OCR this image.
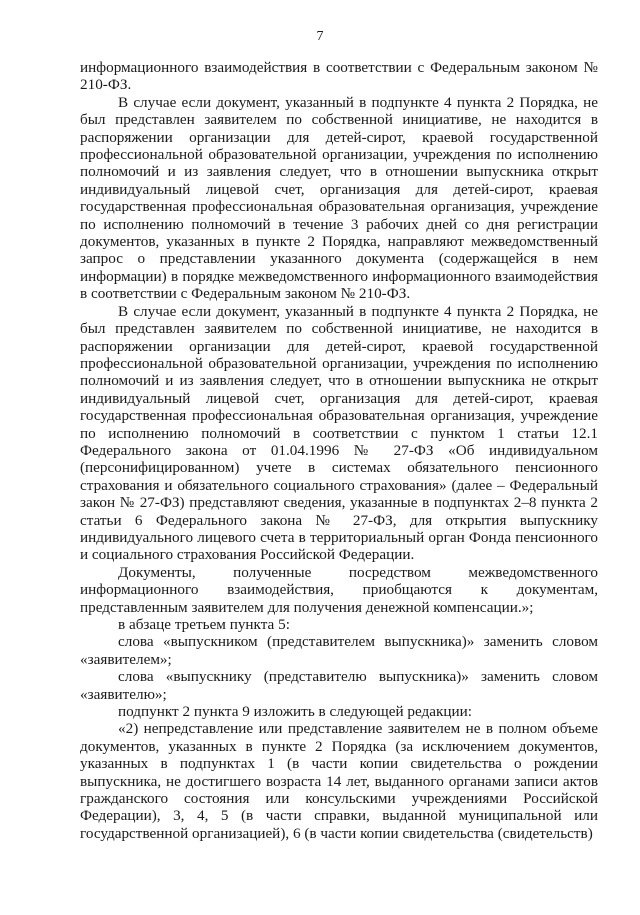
7

информационного взаимодействия в соответствии с Федеральным законом № 210-ФЗ.

В случае если документ, указанный в подпункте 4 пункта 2 Порядка, не был представлен заявителем по собственной инициативе, не находится в распоряжении организации для детей-сирот, краевой государственной профессиональной образовательной организации, учреждения по исполнению полномочий и из заявления следует, что в отношении выпускника открыт индивидуальный лицевой счет, организация для детей-сирот, краевая государственная профессиональная образовательная организация, учреждение по исполнению полномочий в течение 3 рабочих дней со дня регистрации документов, указанных в пункте 2 Порядка, направляют межведомственный запрос о представлении указанного документа (содержащейся в нем информации) в порядке межведомственного информационного взаимодействия в соответствии с Федеральным законом № 210-ФЗ.

В случае если документ, указанный в подпункте 4 пункта 2 Порядка, не был представлен заявителем по собственной инициативе, не находится в распоряжении организации для детей-сирот, краевой государственной профессиональной образовательной организации, учреждения по исполнению полномочий и из заявления следует, что в отношении выпускника не открыт индивидуальный лицевой счет, организация для детей-сирот, краевая государственная профессиональная образовательная организация, учреждение по исполнению полномочий в соответствии с пунктом 1 статьи 12.1 Федерального закона от 01.04.1996 № 27-ФЗ «Об индивидуальном (персонифицированном) учете в системах обязательного пенсионного страхования и обязательного социального страхования» (далее – Федеральный закон № 27-ФЗ) представляют сведения, указанные в подпунктах 2–8 пункта 2 статьи 6 Федерального закона № 27-ФЗ, для открытия выпускнику индивидуального лицевого счета в территориальный орган Фонда пенсионного и социального страхования Российской Федерации.

Документы, полученные посредством межведомственного информационного взаимодействия, приобщаются к документам, представленным заявителем для получения денежной компенсации.»;

в абзаце третьем пункта 5:

слова «выпускником (представителем выпускника)» заменить словом «заявителем»;

слова «выпускнику (представителю выпускника)» заменить словом «заявителю»;

подпункт 2 пункта 9 изложить в следующей редакции:

«2) непредставление или представление заявителем не в полном объеме документов, указанных в пункте 2 Порядка (за исключением документов, указанных в подпунктах 1 (в части копии свидетельства о рождении выпускника, не достигшего возраста 14 лет, выданного органами записи актов гражданского состояния или консульскими учреждениями Российской Федерации), 3, 4, 5 (в части справки, выданной муниципальной или государственной организацией), 6 (в части копии свидетельства (свидетельств)
